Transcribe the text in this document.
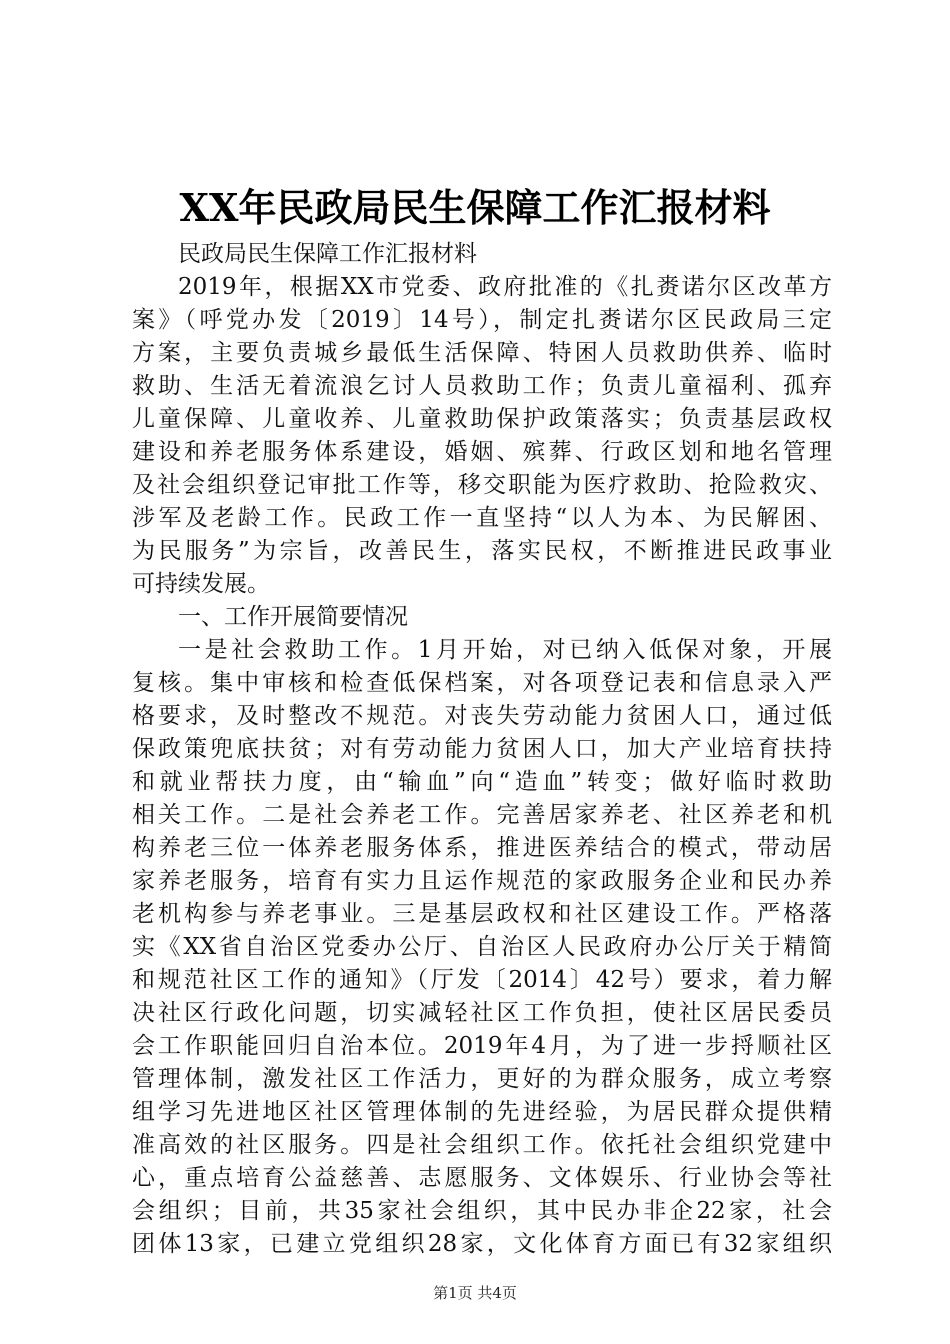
XX年民政局民生保障工作汇报材料
民政局民生保障工作汇报材料
2019年，根据XX市党委、政府批准的《扎赉诺尔区改革方
案》（呼党办发〔2019〕14号），制定扎赉诺尔区民政局三定
方案，主要负责城乡最低生活保障、特困人员救助供养、临时
救助、生活无着流浪乞讨人员救助工作；负责儿童福利、孤弃
儿童保障、儿童收养、儿童救助保护政策落实；负责基层政权
建设和养老服务体系建设，婚姻、殡葬、行政区划和地名管理
及社会组织登记审批工作等，移交职能为医疗救助、抢险救灾、
涉军及老龄工作。民政工作一直坚持“以人为本、为民解困、
为民服务”为宗旨，改善民生，落实民权，不断推进民政事业
可持续发展。
一、工作开展简要情况
一是社会救助工作。1月开始，对已纳入低保对象，开展
复核。集中审核和检查低保档案，对各项登记表和信息录入严
格要求，及时整改不规范。对丧失劳动能力贫困人口，通过低
保政策兜底扶贫；对有劳动能力贫困人口，加大产业培育扶持
和就业帮扶力度，由“输血”向“造血”转变；做好临时救助
相关工作。二是社会养老工作。完善居家养老、社区养老和机
构养老三位一体养老服务体系，推进医养结合的模式，带动居
家养老服务，培育有实力且运作规范的家政服务企业和民办养
老机构参与养老事业。三是基层政权和社区建设工作。严格落
实《XX省自治区党委办公厅、自治区人民政府办公厅关于精简
和规范社区工作的通知》（厅发〔2014〕42号）要求，着力解
决社区行政化问题，切实减轻社区工作负担，使社区居民委员
会工作职能回归自治本位。2019年4月，为了进一步捋顺社区
管理体制，激发社区工作活力，更好的为群众服务，成立考察
组学习先进地区社区管理体制的先进经验，为居民群众提供精
准高效的社区服务。四是社会组织工作。依托社会组织党建中
心，重点培育公益慈善、志愿服务、文体娱乐、行业协会等社
会组织；目前，共35家社会组织，其中民办非企22家，社会
团体13家，已建立党组织28家，文化体育方面已有32家组织
第1页 共4页
